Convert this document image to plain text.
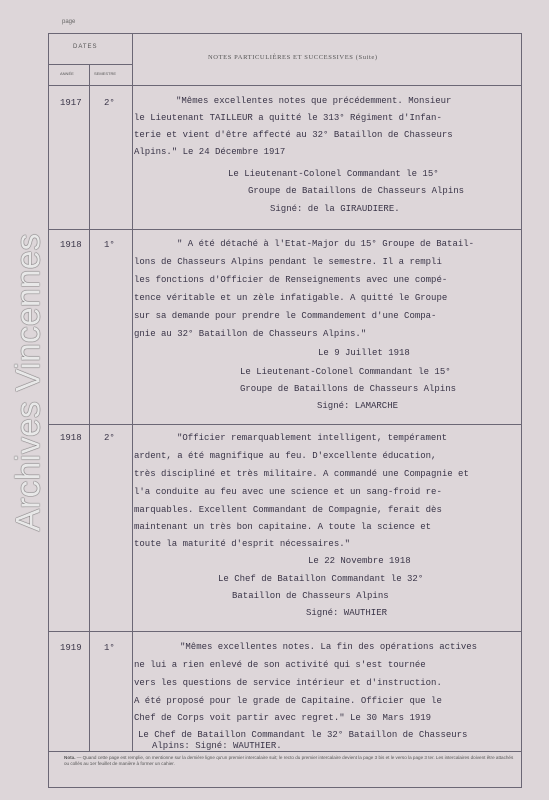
page
DATES
ANNÉE	SEMESTRE
NOTES PARTICULIÈRES ET SUCCESSIVES (Suite)
1917 2°	"Mêmes excellentes notes que précédemment. Monsieur
le Lieutenant TAILLEUR a quitté le 313° Régiment d'Infan-
terie et vient d'être affecté au 32° Bataillon de Chasseurs
Alpins." Le 24 Décembre 1917
Le Lieutenant-Colonel Commandant le 15°
Groupe de Bataillons de Chasseurs Alpins
Signé: de la GIRAUDIERE.
1918 1°	" A été détaché à l'Etat-Major du 15° Groupe de Batail-
lons de Chasseurs Alpins pendant le semestre. Il a rempli
les fonctions d'Officier de Renseignements avec une compé-
tence véritable et un zèle infatigable. A quitté le Groupe
sur sa demande pour prendre le Commandement d'une Compa-
gnie au 32° Bataillon de Chasseurs Alpins."
Le 9 Juillet 1918
Le Lieutenant-Colonel Commandant le 15°
Groupe de Bataillons de Chasseurs Alpins
Signé: LAMARCHE
1918 2°	"Officier remarquablement intelligent, tempérament
ardent, a été magnifique au feu. D'excellente éducation,
très discipliné et très militaire. A commandé une Compagnie et
l'a conduite au feu avec une science et un sang-froid re-
marquables. Excellent Commandant de Compagnie, ferait dès
maintenant un très bon capitaine. A toute la science et
toute la maturité d'esprit nécessaires."
Le 22 Novembre 1918
Le Chef de Bataillon Commandant le 32°
Bataillon de Chasseurs Alpins
Signé: WAUTHIER
1919 1°	"Mêmes excellentes notes. La fin des opérations actives
ne lui a rien enlevé de son activité qui s'est tournée
vers les questions de service intérieur et d'instruction.
A été proposé pour le grade de Capitaine. Officier que le
Chef de Corps voit partir avec regret." Le 30 Mars 1919
Le Chef de Bataillon Commandant le 32° Bataillon de Chasseurs
Alpins: Signé: WAUTHIER.
Archives Vincennes
Nota. — Quand cette page est remplie, on mentionne sur la dernière ligne qu'un premier intercalaire suit; le recto du premier intercalaire devient la page 3 bis et le verso la page 3 ter. Les intercalaires doivent être attachés ou collés au 1er feuillet de manière à former un cahier.
